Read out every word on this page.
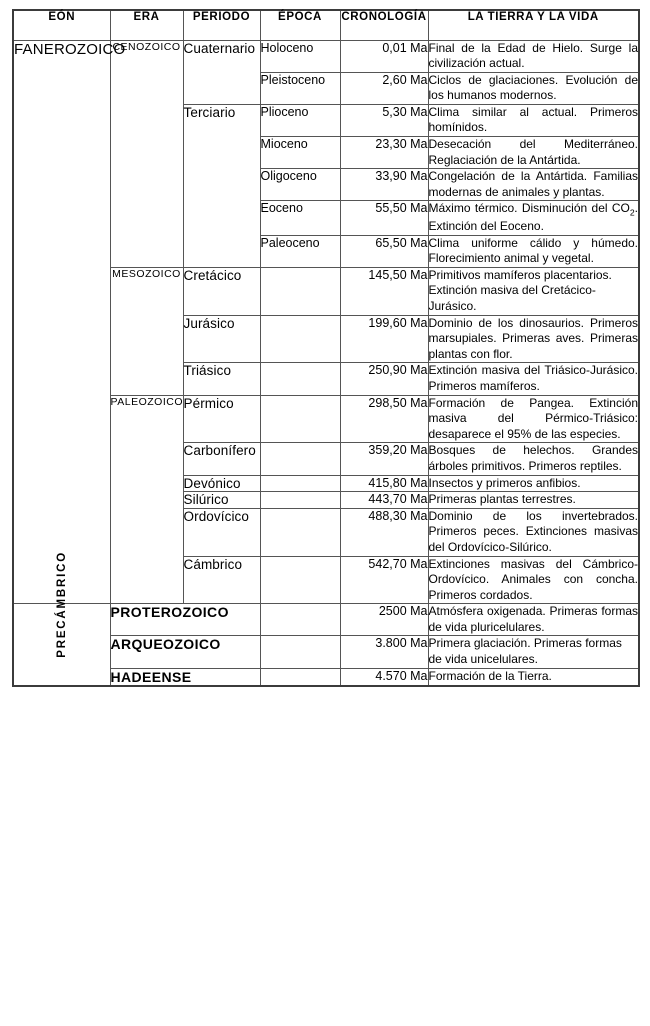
EÓN	ERA	PERIODO	ÉPOCA	CRONOLOGÍA	LA TIERRA Y LA VIDA
FANEROZOICO	CENOZOICO	Cuaternario	Holoceno	0,01 Ma	Final de la Edad de Hielo. Surge la civilización actual.
			Pleistoceno	2,60 Ma	Ciclos de glaciaciones. Evolución de los humanos modernos.
		Terciario	Plioceno	5,30 Ma	Clima similar al actual. Primeros homínidos.
			Mioceno	23,30 Ma	Desecación del Mediterráneo. Reglaciación de la Antártida.
			Oligoceno	33,90 Ma	Congelación de la Antártida. Familias modernas de animales y plantas.
			Eoceno	55,50 Ma	Máximo térmico. Disminución del $CO_2$. Extinción del Eoceno.
			Paleoceno	65,50 Ma	Clima uniforme cálido y húmedo. Florecimiento animal y vegetal.
	MESOZOICO	Cretácico		145,50 Ma	Primitivos mamíferos placentarios. Extinción masiva del Cretácico-Jurásico.
		Jurásico		199,60 Ma	Dominio de los dinosaurios. Primeros marsupiales. Primeras aves. Primeras plantas con flor.
		Triásico		250,90 Ma	Extinción masiva del Triásico-Jurásico. Primeros mamíferos.
	PALEOZOICO	Pérmico		298,50 Ma	Formación de Pangea. Extinción masiva del Pérmico-Triásico: desaparece el 95% de las especies.
		Carbonífero		359,20 Ma	Bosques de helechos. Grandes árboles primitivos. Primeros reptiles.
		Devónico		415,80 Ma	Insectos y primeros anfibios.
		Silúrico		443,70 Ma	Primeras plantas terrestres.
		Ordovícico		488,30 Ma	Dominio de los invertebrados. Primeros peces. Extinciones masivas del Ordovícico-Silúrico.
		Cámbrico		542,70 Ma	Extinciones masivas del Cámbrico-Ordovícico. Animales con concha. Primeros cordados.

PRECÁMBRICO	PROTEROZOICO			2500 Ma	Atmósfera oxigenada. Primeras formas de vida pluricelulares.
	ARQUEOZOICO			3.800 Ma	Primera glaciación. Primeras formas de vida unicelulares.
	HADEENSE			4.570 Ma	Formación de la Tierra.
